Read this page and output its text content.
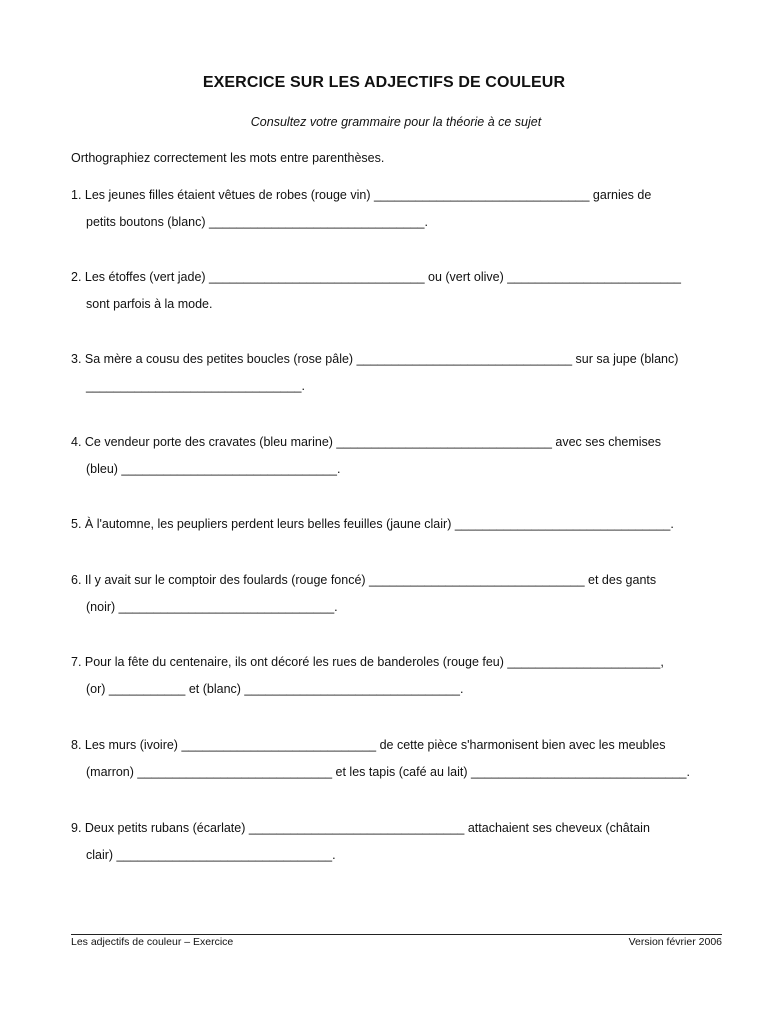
EXERCICE SUR LES ADJECTIFS DE COULEUR
Consultez votre grammaire pour la théorie à ce sujet
Orthographiez correctement les mots entre parenthèses.
1. Les jeunes filles étaient vêtues de robes (rouge vin) _______________________________ garnies de
petits boutons (blanc) _______________________________.
2. Les étoffes (vert jade) _______________________________ ou (vert olive) _________________________
sont parfois à la mode.
3. Sa mère a cousu des petites boucles (rose pâle) _______________________________ sur sa jupe (blanc)
_______________________________.
4. Ce vendeur porte des cravates (bleu marine) _______________________________ avec ses chemises
(bleu) _______________________________.
5. À l'automne, les peupliers perdent leurs belles feuilles (jaune clair) _______________________________.
6. Il y avait sur le comptoir des foulards (rouge foncé) _______________________________ et des gants
(noir) _______________________________.
7. Pour la fête du centenaire, ils ont décoré les rues de banderoles (rouge feu) ______________________,
(or) ___________ et (blanc) _______________________________.
8. Les murs (ivoire) ____________________________ de cette pièce s'harmonisent bien avec les meubles
(marron) ____________________________ et les tapis (café au lait) _______________________________.
9. Deux petits rubans (écarlate) _______________________________ attachaient ses cheveux (châtain
clair) _______________________________.
Les adjectifs de couleur – Exercice	Version février 2006
